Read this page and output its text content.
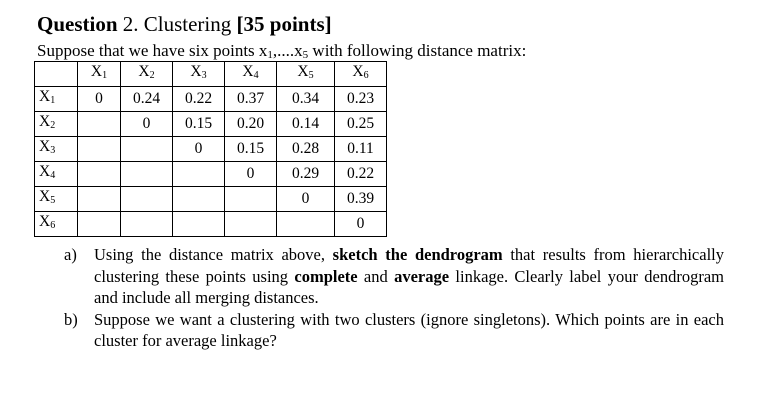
Question 2. Clustering [35 points]
Suppose that we have six points x1,....x5 with following distance matrix:
	X1	X2	X3	X4	X5	X6
X1	0	0.24	0.22	0.37	0.34	0.23
X2		0	0.15	0.20	0.14	0.25
X3			0	0.15	0.28	0.11
X4				0	0.29	0.22
X5					0	0.39
X6						0
a)	Using the distance matrix above, sketch the dendrogram that results from hierarchically clustering these points using complete and average linkage. Clearly label your dendrogram and include all merging distances.
b) Suppose we want a clustering with two clusters (ignore singletons). Which points are in each cluster for average linkage?
